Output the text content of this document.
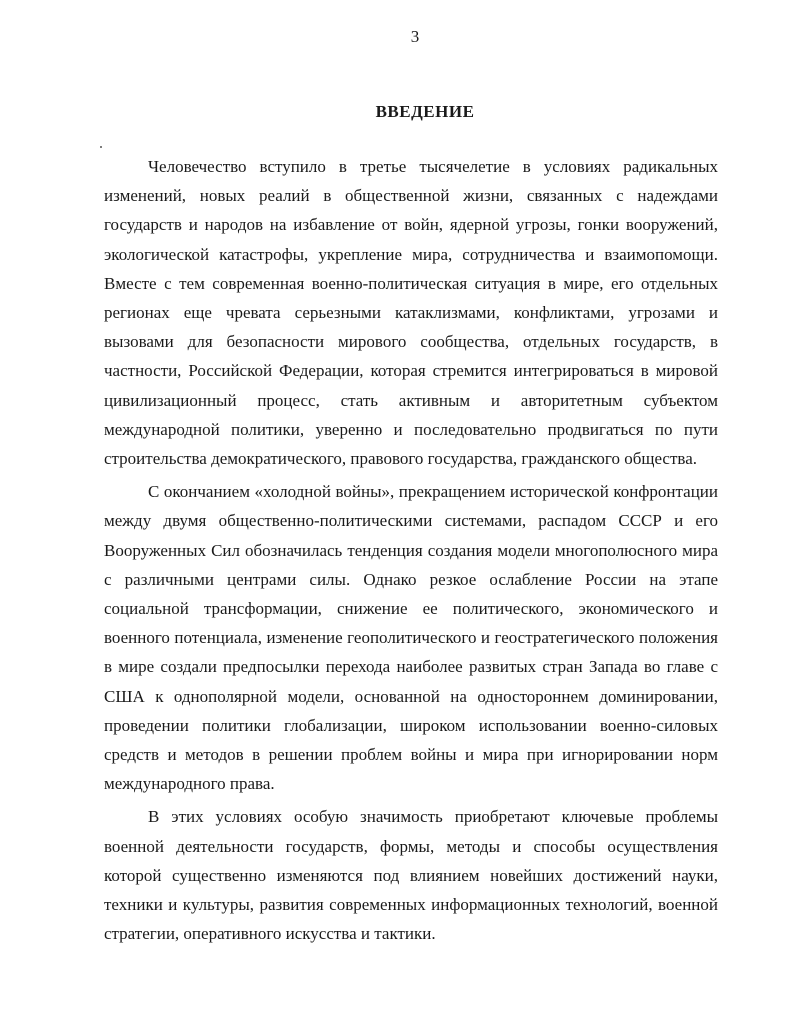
3
ВВЕДЕНИЕ

Человечество вступило в третье тысячелетие в условиях радикальных изменений, новых реалий в общественной жизни, связанных с надеждами государств и народов на избавление от войн, ядерной угрозы, гонки вооружений, экологической катастрофы, укрепление мира, сотрудничества и взаимопомощи. Вместе с тем современная военно-политическая ситуация в мире, его отдельных регионах еще чревата серьезными катаклизмами, конфликтами, угрозами и вызовами для безопасности мирового сообщества, отдельных государств, в частности, Российской Федерации, которая стремится интегрироваться в мировой цивилизационный процесс, стать активным и авторитетным субъектом международной политики, уверенно и последовательно продвигаться по пути строительства демократического, правового государства, гражданского общества.

С окончанием «холодной войны», прекращением исторической конфронтации между двумя общественно-политическими системами, распадом СССР и его Вооруженных Сил обозначилась тенденция создания модели многополюсного мира с различными центрами силы. Однако резкое ослабление России на этапе социальной трансформации, снижение ее политического, экономического и военного потенциала, изменение геополитического и геостратегического положения в мире создали предпосылки перехода наиболее развитых стран Запада во главе с США к однополярной модели, основанной на одностороннем доминировании, проведении политики глобализации, широком использовании военно-силовых средств и методов в решении проблем войны и мира при игнорировании норм международного права.

В этих условиях особую значимость приобретают ключевые проблемы военной деятельности государств, формы, методы и способы осуществления которой существенно изменяются под влиянием новейших достижений науки, техники и культуры, развития современных информационных технологий, военной стратегии, оперативного искусства и тактики.
